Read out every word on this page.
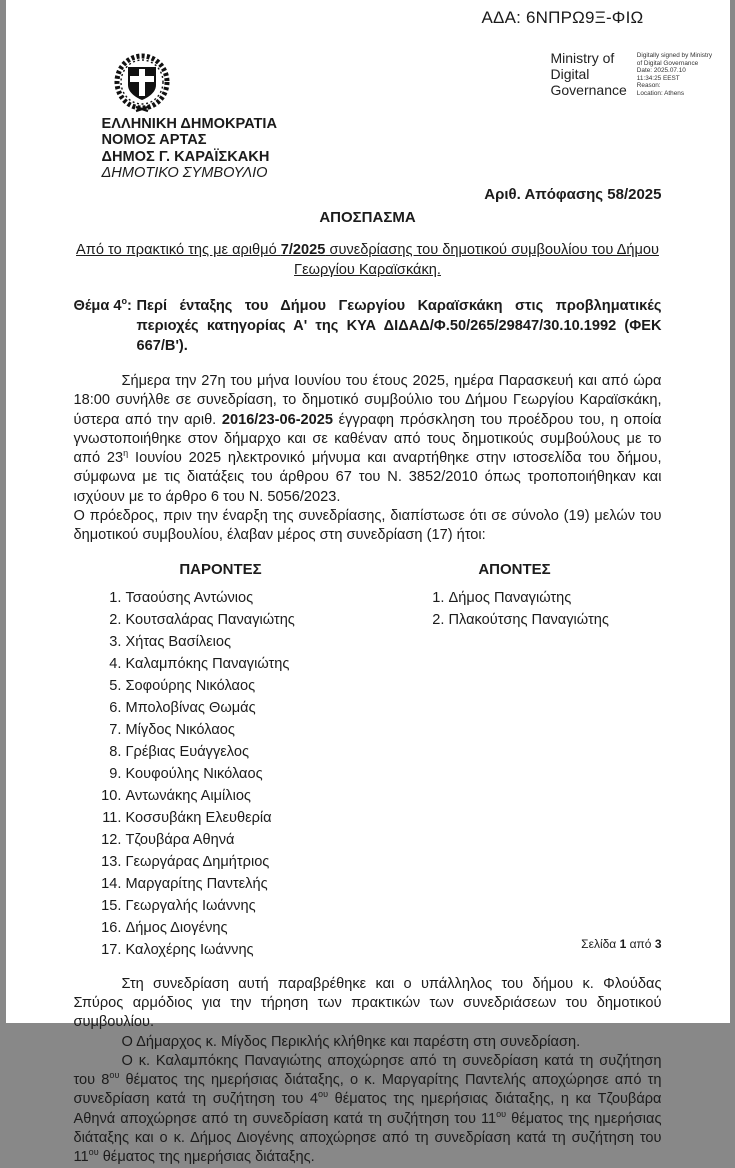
ΑΔΑ: 6ΝΠΡΩ9Ξ-ΦΙΩ
Ministry of
Digital
Governance
Digitally signed by Ministry
of Digital Governance
Date: 2025.07.10
11:34:25 EEST
Reason:
Location: Athens
ΕΛΛΗΝΙΚΗ ΔΗΜΟΚΡΑΤΙΑ
ΝΟΜΟΣ ΑΡΤΑΣ
ΔΗΜΟΣ Γ. ΚΑΡΑΪΣΚΑΚΗ
ΔΗΜΟΤΙΚΟ ΣΥΜΒΟΥΛΙΟ
Αριθ. Απόφασης 58/2025
ΑΠΟΣΠΑΣΜΑ
Από το πρακτικό της με αριθμό 7/2025 συνεδρίασης του δημοτικού συμβουλίου του Δήμου Γεωργίου Καραϊσκάκη.
Θέμα $4^o$: Περί ένταξης του Δήμου Γεωργίου Καραϊσκάκη στις προβληματικές περιοχές κατηγορίας Α' της ΚΥΑ ΔΙΔΑΔ/Φ.50/265/29847/30.10.1992 (ΦΕΚ 667/Β').
Σήμερα την 27η του μήνα Ιουνίου του έτους 2025, ημέρα Παρασκευή και από ώρα 18:00 συνήλθε σε συνεδρίαση, το δημοτικό συμβούλιο του Δήμου Γεωργίου Καραϊσκάκη, ύστερα από την αριθ. 2016/23-06-2025 έγγραφη πρόσκληση του προέδρου του, η οποία γνωστοποιήθηκε στον δήμαρχο και σε καθέναν από τους δημοτικούς συμβούλους με το από $23^\eta$ Ιουνίου 2025 ηλεκτρονικό μήνυμα και αναρτήθηκε στην ιστοσελίδα του δήμου, σύμφωνα με τις διατάξεις του άρθρου 67 του Ν. 3852/2010 όπως τροποποιήθηκαν και ισχύουν με το άρθρο 6 του Ν. 5056/2023.
Ο πρόεδρος, πριν την έναρξη της συνεδρίασης, διαπίστωσε ότι σε σύνολο (19) μελών του δημοτικού συμβουλίου, έλαβαν μέρος στη συνεδρίαση (17) ήτοι:
ΠΑΡΟΝΤΕΣ
1. Τσαούσης Αντώνιος
2. Κουτσαλάρας Παναγιώτης
3. Χήτας Βασίλειος
4. Καλαμπόκης Παναγιώτης
5. Σοφούρης Νικόλαος
6. Μπολοβίνας Θωμάς
7. Μίγδος Νικόλαος
8. Γρέβιας Ευάγγελος
9. Κουφούλης Νικόλαος
10. Αντωνάκης Αιμίλιος
11. Κοσσυβάκη Ελευθερία
12. Τζουβάρα Αθηνά
13. Γεωργάρας Δημήτριος
14. Μαργαρίτης Παντελής
15. Γεωργαλής Ιωάννης
16. Δήμος Διογένης
17. Καλοχέρης Ιωάννης
ΑΠΟΝΤΕΣ
1. Δήμος Παναγιώτης
2. Πλακούτσης Παναγιώτης
Στη συνεδρίαση αυτή παραβρέθηκε και ο υπάλληλος του δήμου κ. Φλούδας Σπύρος αρμόδιος για την τήρηση των πρακτικών των συνεδριάσεων του δημοτικού συμβουλίου.
Ο Δήμαρχος κ. Μίγδος Περικλής κλήθηκε και παρέστη στη συνεδρίαση.
Ο κ. Καλαμπόκης Παναγιώτης αποχώρησε από τη συνεδρίαση κατά τη συζήτηση του $8^{o\upsilon}$ θέματος της ημερήσιας διάταξης, ο κ. Μαργαρίτης Παντελής αποχώρησε από τη συνεδρίαση κατά τη συζήτηση του $4^{o\upsilon}$ θέματος της ημερήσιας διάταξης, η κα Τζουβάρα Αθηνά αποχώρησε από τη συνεδρίαση κατά τη συζήτηση του $11^{o\upsilon}$ θέματος της ημερήσιας διάταξης και ο κ. Δήμος Διογένης αποχώρησε από τη συνεδρίαση κατά τη συζήτηση του $11^{o\upsilon}$ θέματος της ημερήσιας διάταξης.
Σελίδα 1 από 3
